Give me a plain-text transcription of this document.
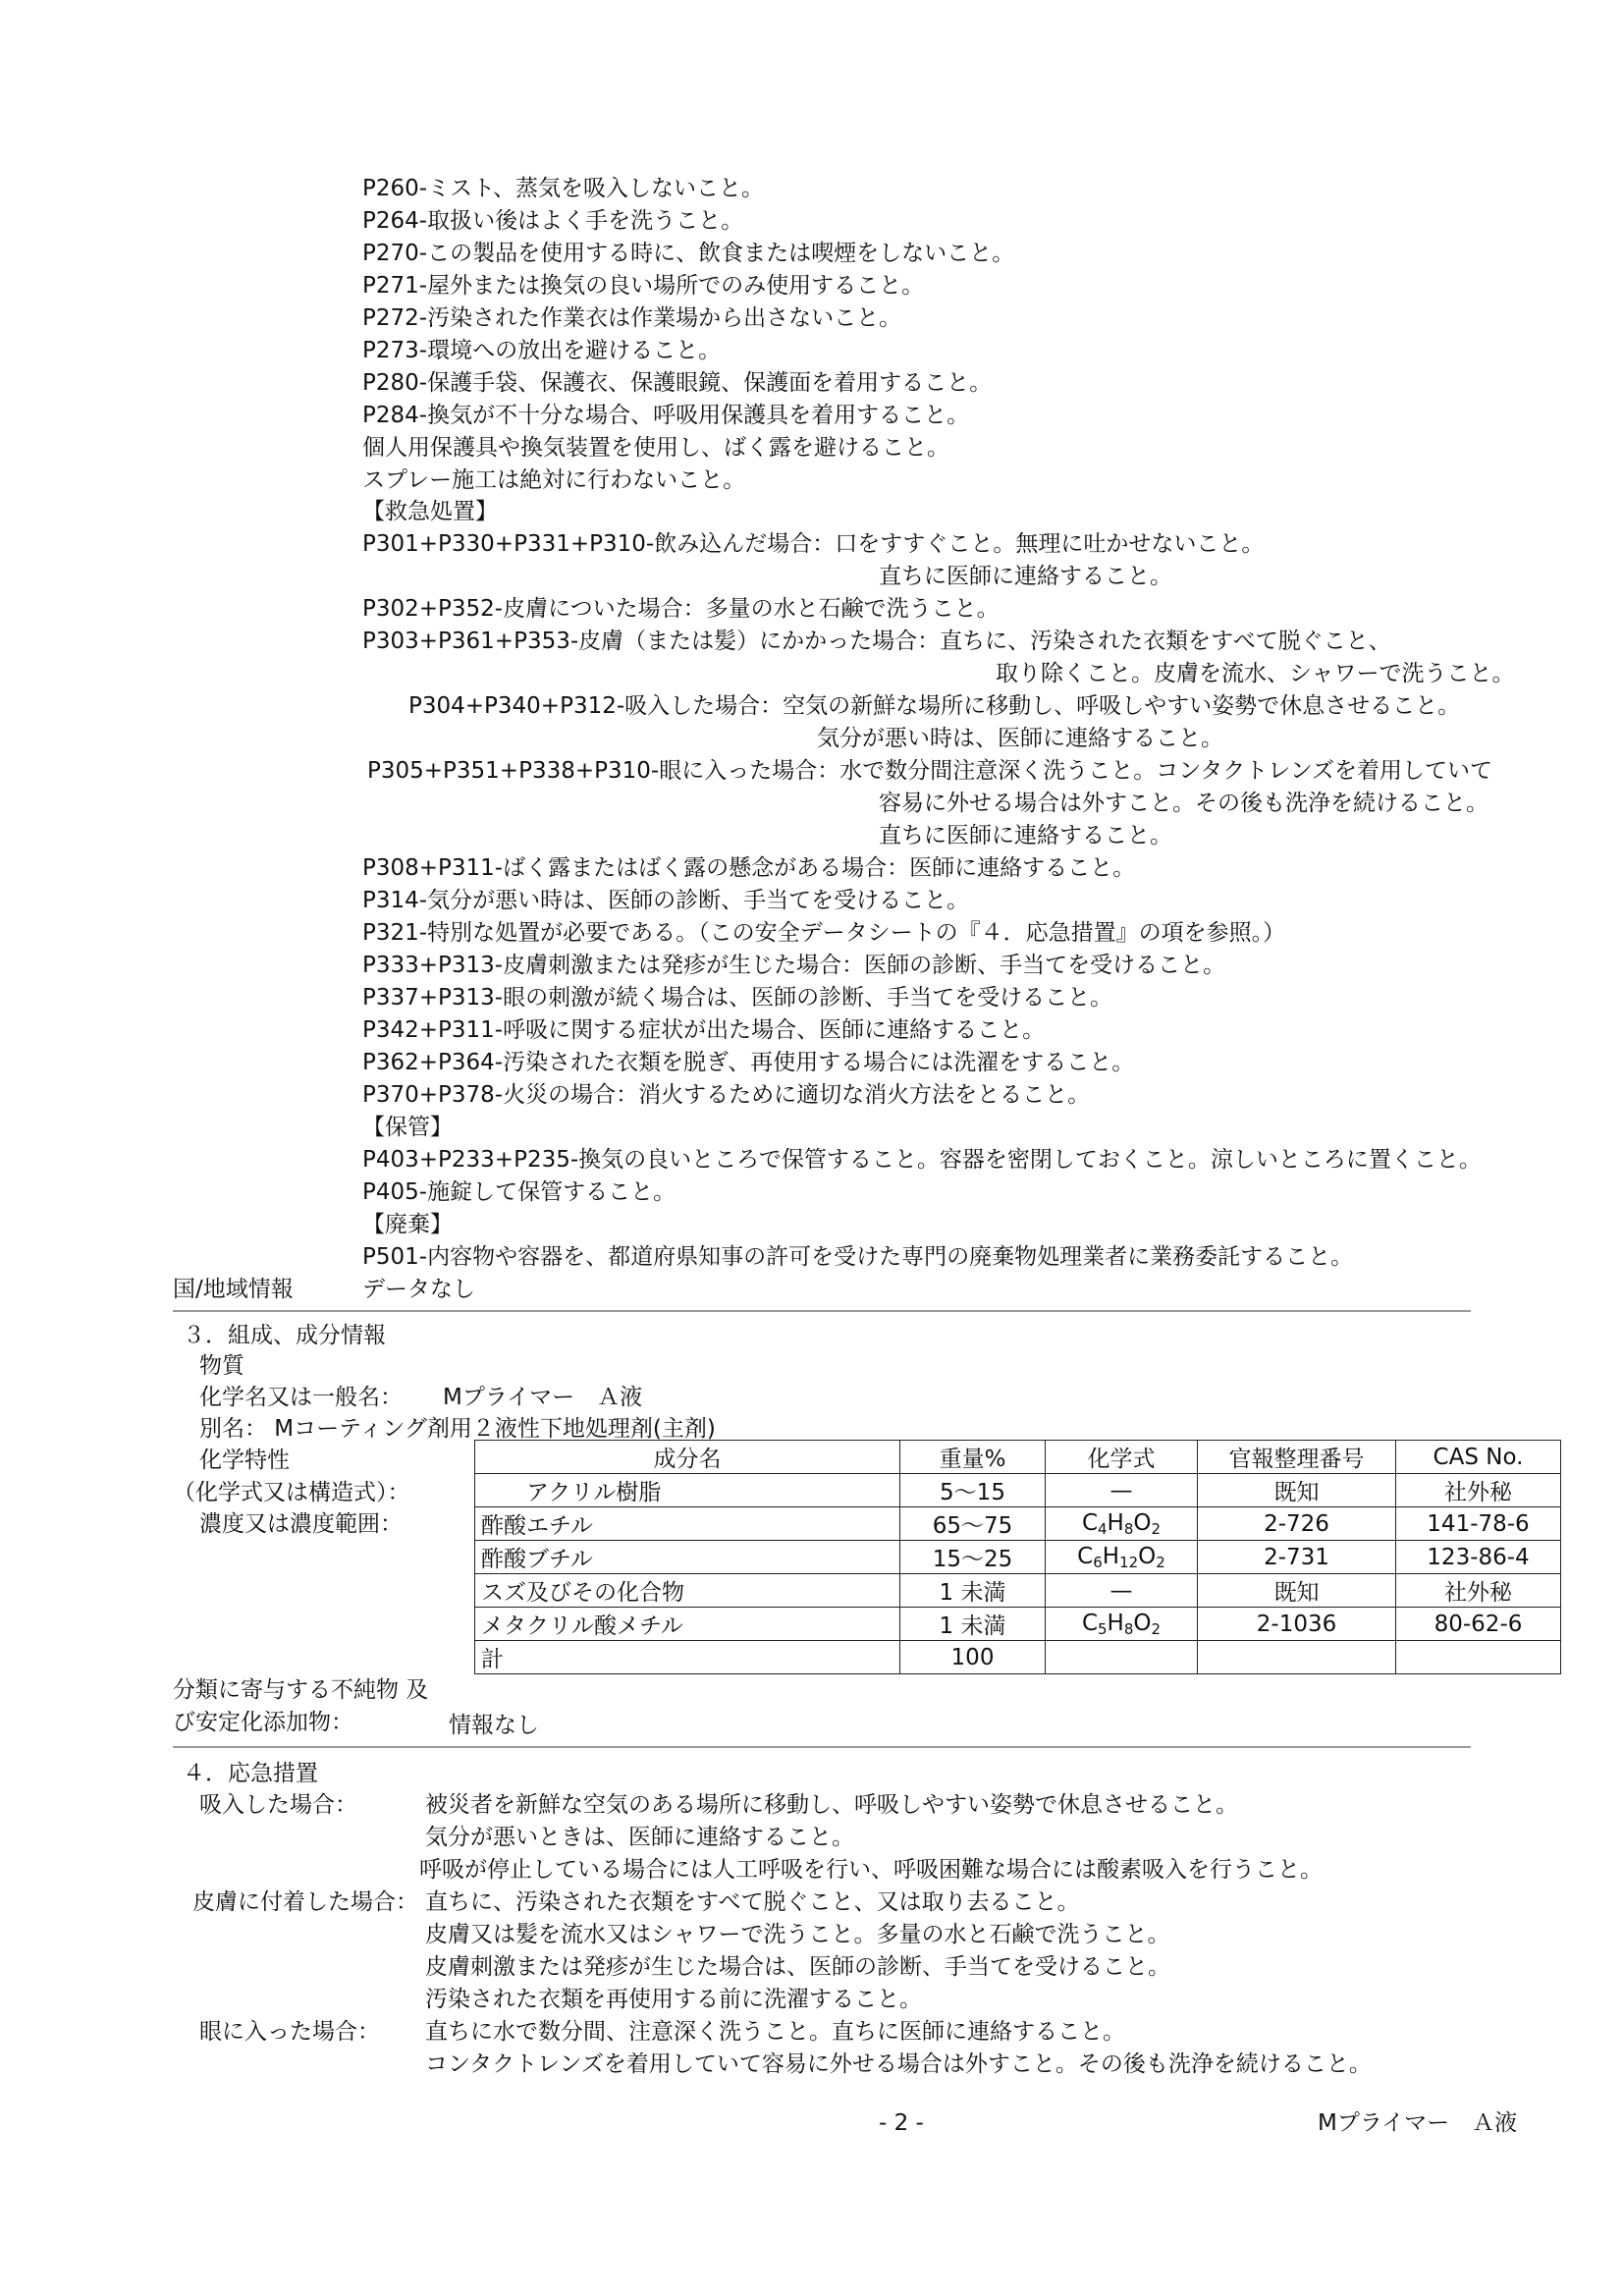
P260-ミスト、蒸気を吸入しないこと。
P264-取扱い後はよく手を洗うこと。
P270-この製品を使用する時に、飲食または喫煙をしないこと。
P271-屋外または換気の良い場所でのみ使用すること。
P272-汚染された作業衣は作業場から出さないこと。
P273-環境への放出を避けること。
P280-保護手袋、保護衣、保護眼鏡、保護面を着用すること。
P284-換気が不十分な場合、呼吸用保護具を着用すること。
個人用保護具や換気装置を使用し、ばく露を避けること。
スプレー施工は絶対に行わないこと。
【救急処置】
P301+P330+P331+P310-飲み込んだ場合：口をすすぐこと。無理に吐かせないこと。
直ちに医師に連絡すること。
P302+P352-皮膚についた場合：多量の水と石鹸で洗うこと。
P303+P361+P353-皮膚（または髪）にかかった場合：直ちに、汚染された衣類をすべて脱ぐこと、
取り除くこと。皮膚を流水、シャワーで洗うこと。
P304+P340+P312-吸入した場合：空気の新鮮な場所に移動し、呼吸しやすい姿勢で休息させること。
気分が悪い時は、医師に連絡すること。
P305+P351+P338+P310-眼に入った場合：水で数分間注意深く洗うこと。コンタクトレンズを着用していて
容易に外せる場合は外すこと。その後も洗浄を続けること。
直ちに医師に連絡すること。
P308+P311-ばく露またはばく露の懸念がある場合：医師に連絡すること。
P314-気分が悪い時は、医師の診断、手当てを受けること。
P321-特別な処置が必要である。（この安全データシートの『４．応急措置』の項を参照。）
P333+P313-皮膚刺激または発疹が生じた場合：医師の診断、手当てを受けること。
P337+P313-眼の刺激が続く場合は、医師の診断、手当てを受けること。
P342+P311-呼吸に関する症状が出た場合、医師に連絡すること。
P362+P364-汚染された衣類を脱ぎ、再使用する場合には洗濯をすること。
P370+P378-火災の場合：消火するために適切な消火方法をとること。
【保管】
P403+P233+P235-換気の良いところで保管すること。容器を密閉しておくこと。涼しいところに置くこと。
P405-施錠して保管すること。
【廃棄】
P501-内容物や容器を、都道府県知事の許可を受けた専門の廃棄物処理業者に業務委託すること。
国/地域情報	データなし
３．組成、成分情報
物質
化学名又は一般名： Mプライマー　Ａ液
別名： Mコーティング剤用２液性下地処理剤(主剤)
化学特性
（化学式又は構造式）：
濃度又は濃度範囲：
成分名	重量%	化学式	官報整理番号	CAS No.
アクリル樹脂	5～15	—	既知	社外秘
酢酸エチル	65～75	$C_4H_8O_2$	2-726	141-78-6
酢酸ブチル	15～25	$C_6H_{12}O_2$	2-731	123-86-4
スズ及びその化合物	1 未満	—	既知	社外秘
メタクリル酸メチル	1 未満	$C_5H_8O_2$	2-1036	80-62-6
計	100			
分類に寄与する不純物 及
び安定化添加物：	情報なし
４．応急措置
吸入した場合：	被災者を新鮮な空気のある場所に移動し、呼吸しやすい姿勢で休息させること。
気分が悪いときは、医師に連絡すること。
呼吸が停止している場合には人工呼吸を行い、呼吸困難な場合には酸素吸入を行うこと。
皮膚に付着した場合： 直ちに、汚染された衣類をすべて脱ぐこと、又は取り去ること。
皮膚又は髪を流水又はシャワーで洗うこと。多量の水と石鹸で洗うこと。
皮膚刺激または発疹が生じた場合は、医師の診断、手当てを受けること。
汚染された衣類を再使用する前に洗濯すること。
眼に入った場合： 直ちに水で数分間、注意深く洗うこと。直ちに医師に連絡すること。
コンタクトレンズを着用していて容易に外せる場合は外すこと。その後も洗浄を続けること。
- 2 -	Mプライマー　Ａ液
